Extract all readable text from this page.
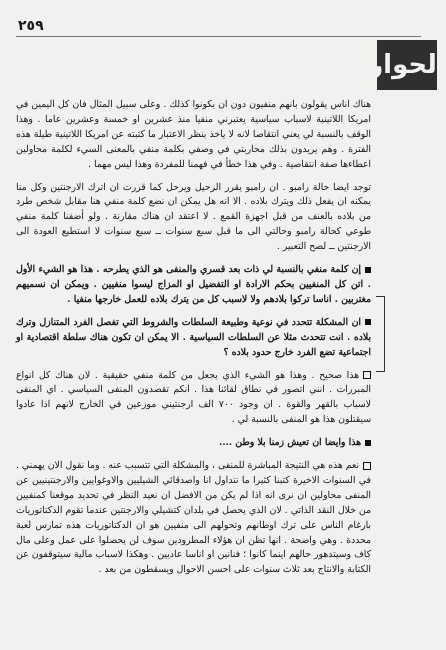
٢٥٩
الحوار

هناك اناس يقولون بانهم منفيون دون ان يكونوا كذلك . وعلى سبيل المثال فان كل اليمين في امريكا اللاتينية لاسباب سياسية يعتبرني منفيا منذ عشرين او خمسة وعشرين عاما . وهذا الوقف بالنسبة لي يعني انتقاصا لانه لا ياخذ بنظر الاعتبار ما كتبته عن امريكا اللاتينية طيلة هذه الفترة . وهم يريدون بذلك محاربتي في وصفي بكلمة منفي بالمعنى السيء لكلمة محاولين اعطاءها صفة انتقاصية . وفي هذا خطأ في فهمنا للمفردة وهذا ليس مهما .

توجد ايضا حالة رامبو . ان رامبو يقرر الرحيل ويرحل كما قررت ان اترك الارجنتين وكل منا يمكنه ان يفعل ذلك ويترك بلاده . الا انه هل يمكن ان نضع كلمة منفي هنا مقابل شخص طرد من بلاده بالعنف من قبل اجهزة القمع . لا اعتقد ان هناك مقارنة . ولو أضفنا كلمة منفي طوعي كحالة رامبو وحالتي الى ما قبل سبع سنوات ــ سبع سنوات لا استطيع العودة الى الارجنتين ــ لصح التعبير .

إن كلمة منفي بالنسبة لي ذات بعد قسري والمنفى هو الذي يطرحه . هذا هو الشيء الأول . اتن كل المنفيين بحكم الارادة او التفضيل او المزاج ليسوا منفيين . ويمكن ان نسميهم مغتربين . اناسا تركوا بلادهم ولا لاسبب كل من يترك بلاده للعمل خارجها منفيا .

ان المشكلة تتحدد في نوعية وطبيعة السلطات والشروط التي تفصل الفرد المتنازل وترك بلاده . انت تتحدث مثلا عن السلطات السياسية . الا يمكن ان تكون هناك سلطة اقتصادية او اجتماعية تضع الفرد خارج حدود بلاده ؟

هذا صحيح . وهذا هو الشيء الذي يجعل من كلمة منفي حقيقية . لان هناك كل انواع المبررات . انني اتصور في نطاق لقائنا هذا . انكم تقصدون المنفى السياسي . اي المنفى لاسباب بالقهر والقوة . ان وجود ٧٠٠ الف ارجنتيني موزعين في الخارج لانهم اذا عادوا سيقتلون هذا هو المنفى بالنسبة لي .

هذا وايضا ان تعيش زمنا بلا وطن ....

نعم هذه هي النتيجة المباشرة للمنفى ، والمشكلة التي تتسبب عنه . وما نقول الان يهمني . في السنوات الاخيرة كتبنا كثيرا ما نتداول انا واصدقائي الشيليين والاوغوايين والارجنتينيين عن المنفى محاولين ان نرى انه اذا لم يكن من الافضل ان نعيد النظر في تحديد موقعنا كمنفيين من خلال النقد الذاتي . لان الذي يحصل في بلدان كتشيلي والارجنتين عندما تقوم الدكتاتوريات بارغام الناس على ترك اوطانهم وتحولهم الى منفيين هو ان الدكتاتوريات هذه تمارس لعبة محددة . وهي واضحة . انها تظن ان هؤلاء المطرودين سوف لن يحصلوا على عمل وعلى مال كاف وسيتدهور حالهم اينما كانوا ؛ فنانين او اناسا عاديين . وهكذا لاسباب مالية سيتوقفون عن الكتابة والانتاج بعد ثلاث سنوات على احسن الاحوال ويسقطون من بعد .
